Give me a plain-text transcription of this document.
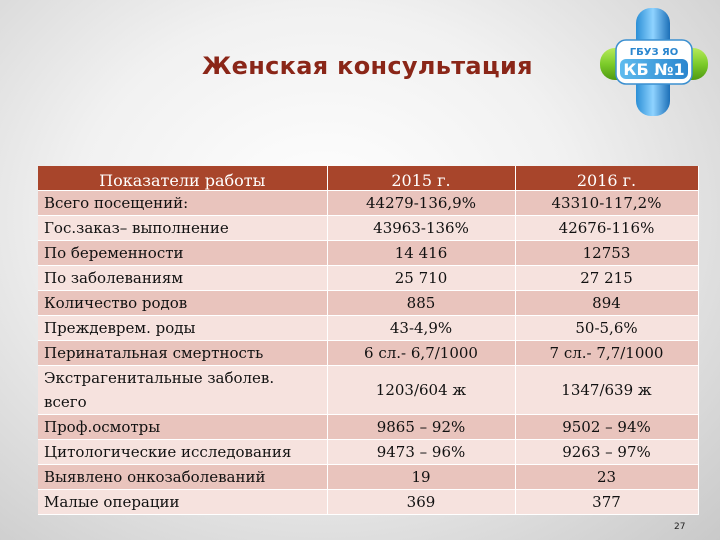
Женская консультация	ГБУЗ ЯО
КБ №1
Показатели работы	2015 г.	2016 г.
Всего посещений:	44279-136,9%	43310-117,2%
Гос.заказ– выполнение	43963-136%	42676-116%
По беременности	14 416	12753
По заболеваниям	25 710	27 215
Количество родов	885	894
Преждеврем. роды	43-4,9%	50-5,6%
Перинатальная смертность	6 сл.- 6,7/1000	7 сл.- 7,7/1000
Экстрагенитальные заболев.
всего	1203/604 ж	1347/639 ж
Проф.осмотры	9865 – 92%	9502 – 94%
Цитологические исследования	9473 – 96%	9263 – 97%
Выявлено онкозаболеваний	19	23
Малые операции	369	377
27
